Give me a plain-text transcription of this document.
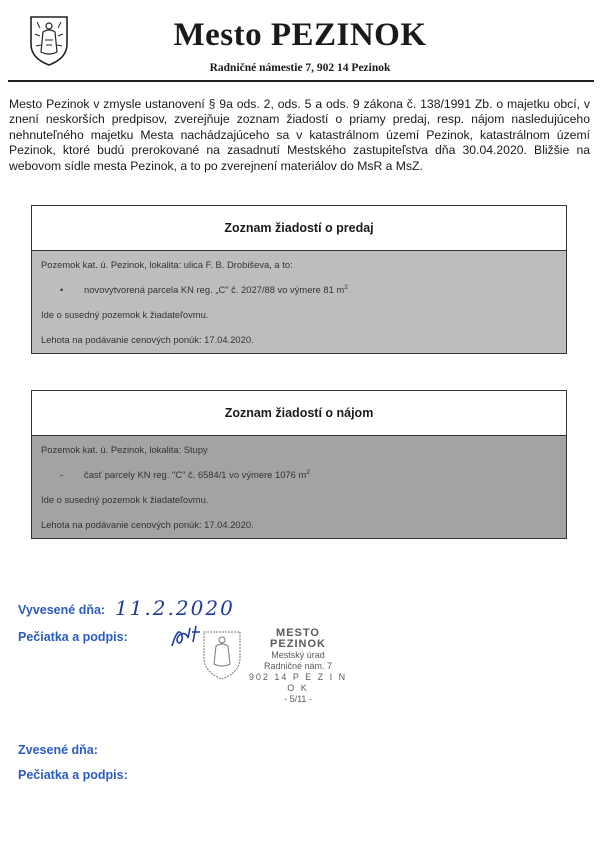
Mesto PEZINOK
Radničné námestie 7, 902 14 Pezinok

Mesto Pezinok v zmysle ustanovení § 9a ods. 2, ods. 5 a ods. 9 zákona č. 138/1991 Zb. o majetku obcí, v znení neskorších predpisov, zverejňuje zoznam žiadostí o priamy predaj, resp. nájom nasledujúceho nehnuteľného majetku Mesta nachádzajúceho sa v katastrálnom území Pezinok, katastrálnom území Pezinok, ktoré budú prerokované na zasadnutí Mestského zastupiteľstva dňa 30.04.2020. Bližšie na webovom sídle mesta Pezinok, a to po zverejnení materiálov do MsR a MsZ.

Zoznam žiadostí o predaj
Pozemok kat. ú. Pezinok, lokalita: ulica F. B. Drobiševa, a to:
•	novovytvorená parcela KN reg. „C" č. 2027/88 vo výmere 81 $m^2$
Ide o susedný pozemok k žiadateľovmu.
Lehota na podávanie cenových ponúk: 17.04.2020.
Zoznam žiadostí o nájom
Pozemok kat. ú. Pezinok, lokalita: Stupy
-	časť parcely KN reg. "C" č. 6584/1 vo výmere 1076 $m^2$
Ide o susedný pozemok k žiadateľovmu.
Lehota na podávanie cenových ponúk: 17.04.2020.
Vyvesené dňa: 11.2.2020
Pečiatka a podpis:	MESTO PEZINOK
Mestský úrad
Radničné nám. 7
902 14 P E Z I N O K
- 5/11 -
Zvesené dňa:
Pečiatka a podpis:
